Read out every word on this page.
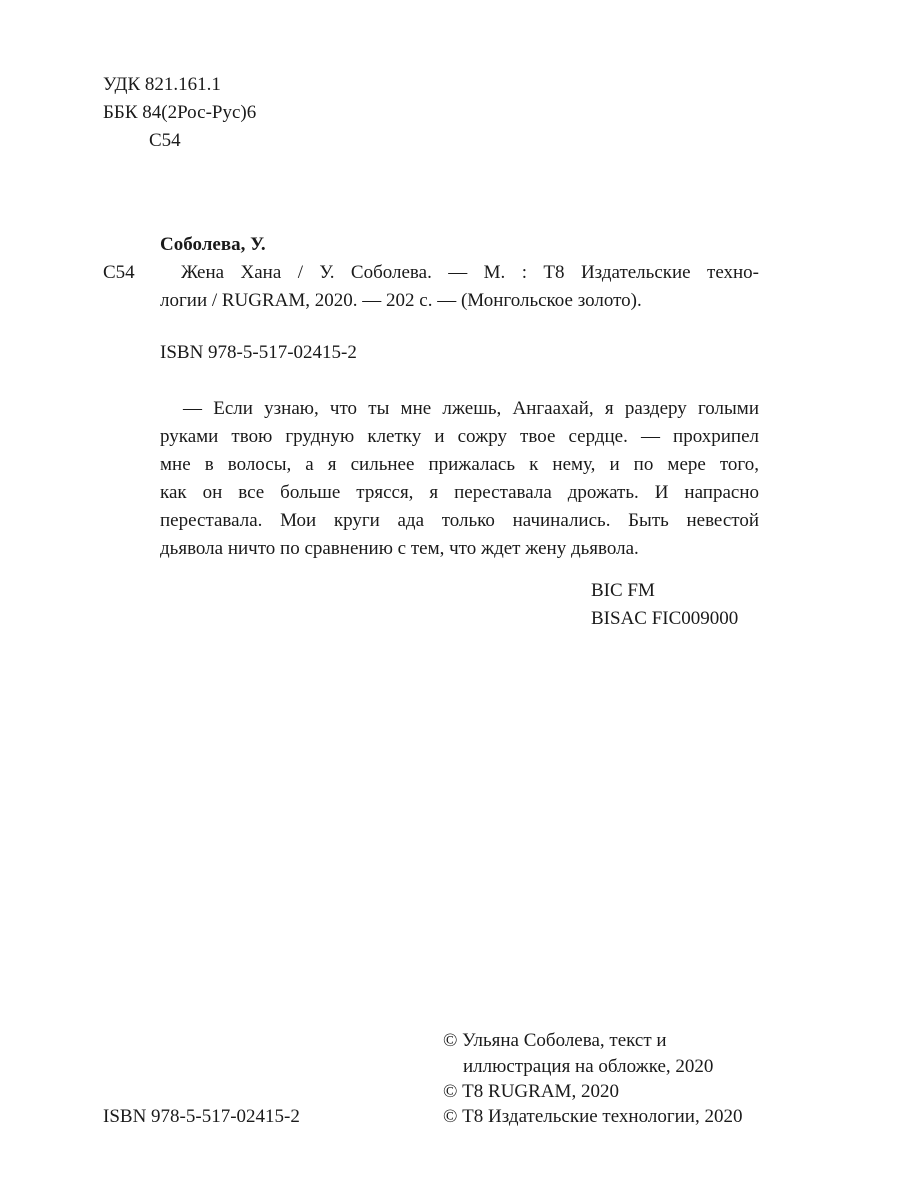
УДК 821.161.1
ББК 84(2Рос-Рус)6
С54
Соболева, У.
С54 Жена Хана / У. Соболева. — М. : Т8 Издательские техно-
логии / RUGRAM, 2020. — 202 с. — (Монгольское золото).
ISBN 978-5-517-02415-2
— Если узнаю, что ты мне лжешь, Ангаахай, я раздеру голыми
руками твою грудную клетку и сожру твое сердце. — прохрипел
мне в волосы, а я сильнее прижалась к нему, и по мере того,
как он все больше трясся, я переставала дрожать. И напрасно
переставала. Мои круги ада только начинались. Быть невестой
дьявола ничто по сравнению с тем, что ждет жену дьявола.
BIC FM
BISAC FIC009000
© Ульяна Соболева, текст и
иллюстрация на обложке, 2020
© Т8 RUGRAM, 2020
© Т8 Издательские технологии, 2020
ISBN 978-5-517-02415-2
